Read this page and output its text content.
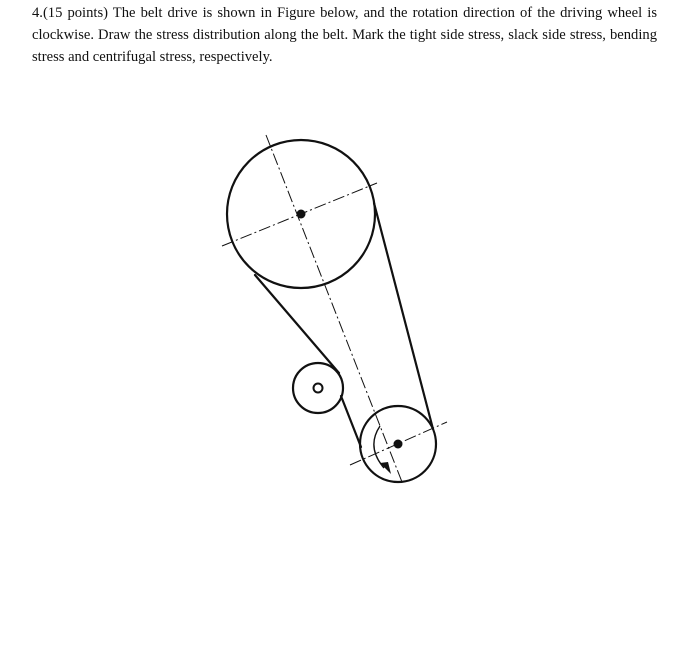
4.(15 points) The belt drive is shown in Figure below, and the rotation direction of the driving wheel is clockwise. Draw the stress distribution along the belt. Mark the tight side stress, slack side stress, bending stress and centrifugal stress, respectively.
